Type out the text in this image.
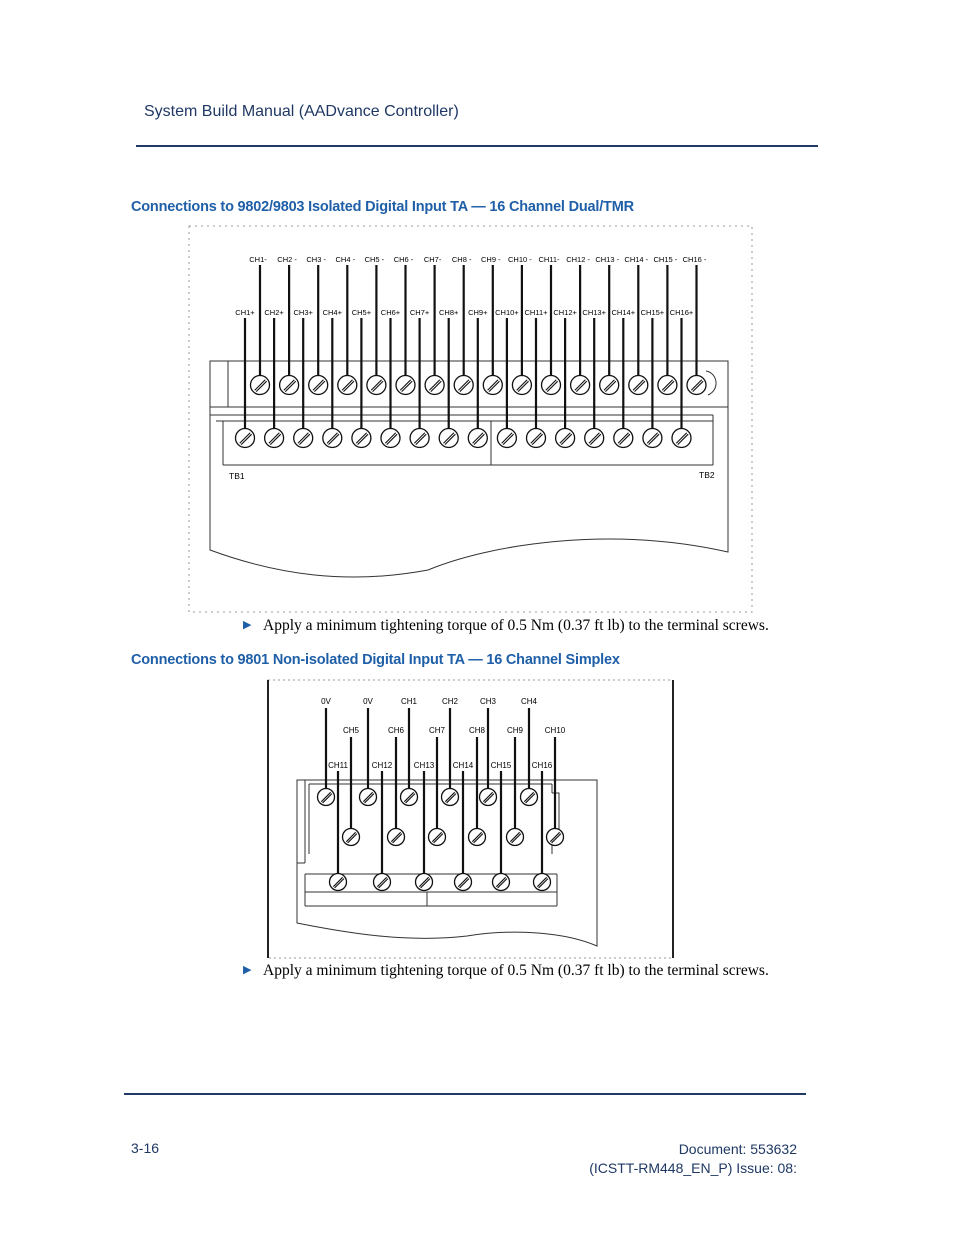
System Build Manual (AADvance Controller)
Connections to 9802/9803 Isolated Digital Input TA — 16 Channel Dual/TMR
CH1-
CH1+
CH2 -
CH2+
CH3 -
CH3+
CH4 -
CH4+
CH5 -
CH5+
CH6 -
CH6+
CH7-
CH7+
CH8 -
CH8+
CH9 -
CH9+
CH10 -
CH10+
CH11-
CH11+
CH12 -
CH12+
CH13 -
CH13+
CH14 -
CH14+
CH15 -
CH15+
CH16 -
CH16+
TB1	TB2
▶ Apply a minimum tightening torque of 0.5 Nm (0.37 ft lb) to the terminal screws.
Connections to 9801 Non-isolated Digital Input TA — 16 Channel Simplex
0V	0V	CH1	CH2	CH3	CH4
CH5	CH6	CH7	CH8	CH9	CH10
CH11	CH12	CH13 CH14 CH15	CH16
▶ Apply a minimum tightening torque of 0.5 Nm (0.37 ft lb) to the terminal screws.
3-16	Document: 553632
(ICSTT-RM448_EN_P) Issue: 08:
